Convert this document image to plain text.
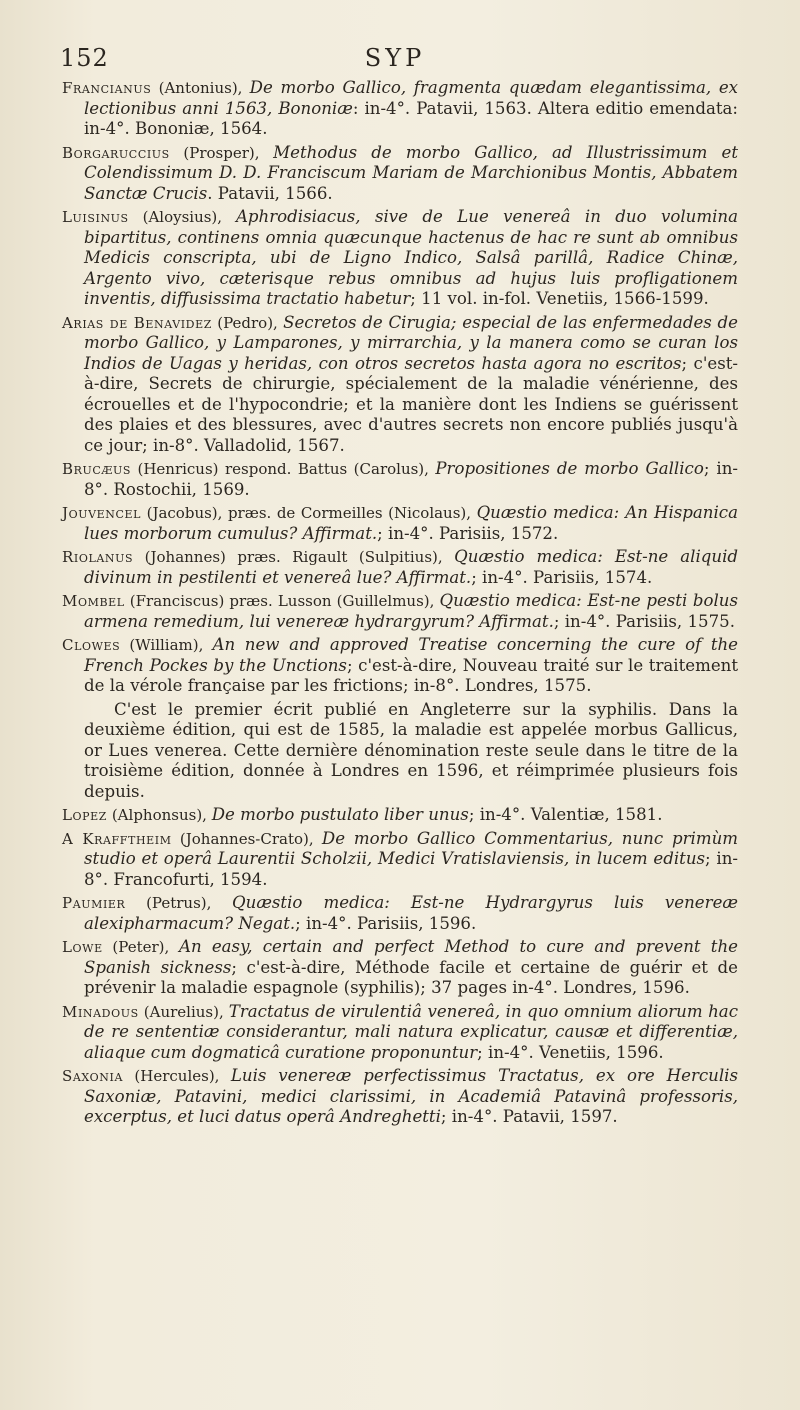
152	SYP

Francianus (Antonius), De morbo Gallico, fragmenta quædam elegantissima, ex lectionibus anni 1563, Bononiæ: in-4°. Patavii, 1563. Altera editio emendata: in-4°. Bononiæ, 1564.

Borgaruccius (Prosper), Methodus de morbo Gallico, ad Illustrissimum et Colendissimum D. D. Franciscum Mariam de Marchionibus Montis, Abbatem Sanctæ Crucis. Patavii, 1566.

Luisinus (Aloysius), Aphrodisiacus, sive de Lue venereâ in duo volumina bipartitus, continens omnia quæcunque hactenus de hac re sunt ab omnibus Medicis conscripta, ubi de Ligno Indico, Salsâ parillâ, Radice Chinæ, Argento vivo, cæterisque rebus omnibus ad hujus luis profligationem inventis, diffusissima tractatio habetur; 11 vol. in-fol. Venetiis, 1566-1599.

Arias de Benavidez (Pedro), Secretos de Cirugia; especial de las enfermedades de morbo Gallico, y Lamparones, y mirrarchia, y la manera como se curan los Indios de Uagas y heridas, con otros secretos hasta agora no escritos; c'est-à-dire, Secrets de chirurgie, spécialement de la maladie vénérienne, des écrouelles et de l'hypocondrie; et la manière dont les Indiens se guérissent des plaies et des blessures, avec d'autres secrets non encore publiés jusqu'à ce jour; in-8°. Valladolid, 1567.

Brucæus (Henricus) respond. Battus (Carolus), Propositiones de morbo Gallico; in-8°. Rostochii, 1569.

Jouvencel (Jacobus), præs. de Cormeilles (Nicolaus), Quæstio medica: An Hispanica lues morborum cumulus? Affirmat.; in-4°. Parisiis, 1572.

Riolanus (Johannes) præs. Rigault (Sulpitius), Quæstio medica: Est-ne aliquid divinum in pestilenti et venereâ lue? Affirmat.; in-4°. Parisiis, 1574.

Mombel (Franciscus) præs. Lusson (Guillelmus), Quæstio medica: Est-ne pesti bolus armena remedium, lui venereæ hydrargyrum? Affirmat.; in-4°. Parisiis, 1575.

Clowes (William), An new and approved Treatise concerning the cure of the French Pockes by the Unctions; c'est-à-dire, Nouveau traité sur le traitement de la vérole française par les frictions; in-8°. Londres, 1575.

C'est le premier écrit publié en Angleterre sur la syphilis. Dans la deuxième édition, qui est de 1585, la maladie est appelée morbus Gallicus, or Lues venerea. Cette dernière dénomination reste seule dans le titre de la troisième édition, donnée à Londres en 1596, et réimprimée plusieurs fois depuis.

Lopez (Alphonsus), De morbo pustulato liber unus; in-4°. Valentiæ, 1581.

A Krafftheim (Johannes-Crato), De morbo Gallico Commentarius, nunc primùm studio et operâ Laurentii Scholzii, Medici Vratislaviensis, in lucem editus; in-8°. Francofurti, 1594.

Paumier (Petrus), Quæstio medica: Est-ne Hydrargyrus luis venereæ alexipharmacum? Negat.; in-4°. Parisiis, 1596.

Lowe (Peter), An easy, certain and perfect Method to cure and prevent the Spanish sickness; c'est-à-dire, Méthode facile et certaine de guérir et de prévenir la maladie espagnole (syphilis); 37 pages in-4°. Londres, 1596.

Minadous (Aurelius), Tractatus de virulentiâ venereâ, in quo omnium aliorum hac de re sententiæ considerantur, mali natura explicatur, causæ et differentiæ, aliaque cum dogmaticâ curatione proponuntur; in-4°. Venetiis, 1596.

Saxonia (Hercules), Luis venereæ perfectissimus Tractatus, ex ore Herculis Saxoniæ, Patavini, medici clarissimi, in Academiâ Patavinâ professoris, excerptus, et luci datus operâ Andreghetti; in-4°. Patavii, 1597.
